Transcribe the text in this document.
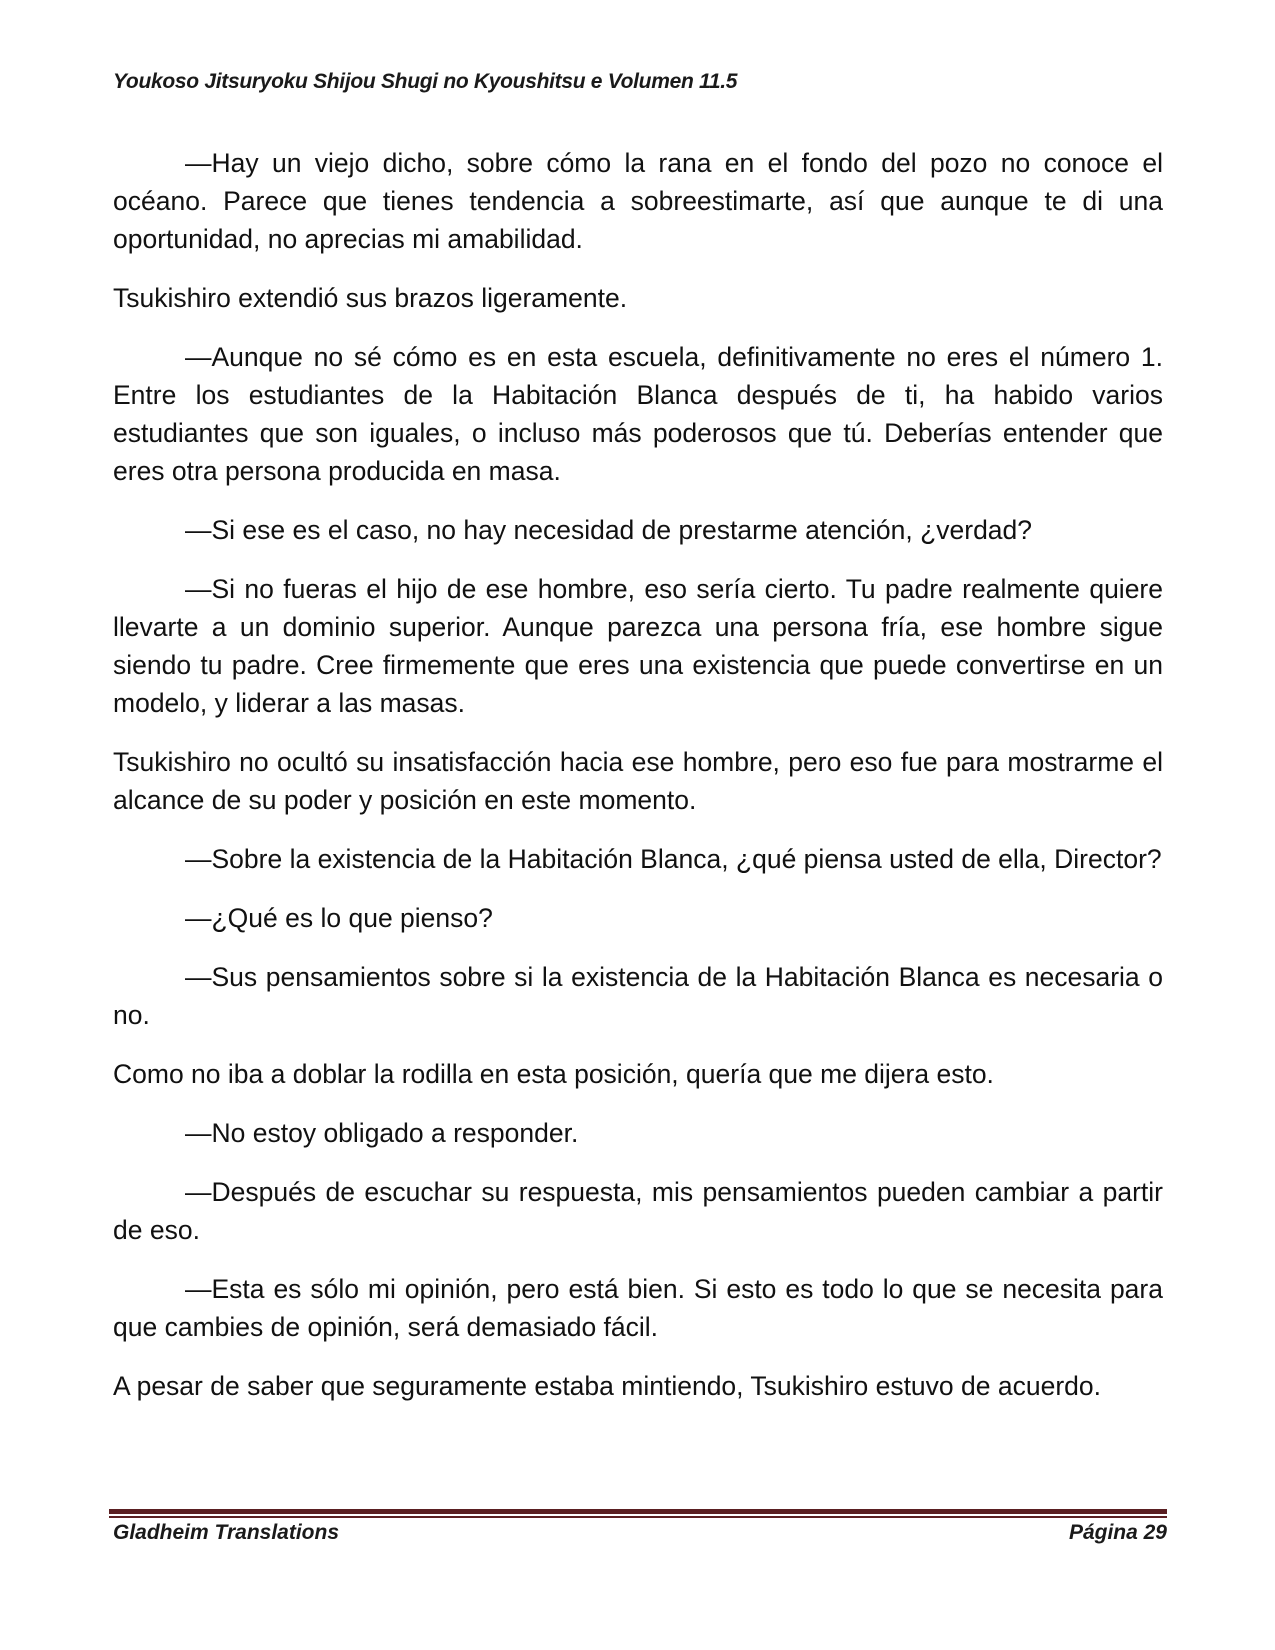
Youkoso Jitsuryoku Shijou Shugi no Kyoushitsu e Volumen 11.5

—Hay un viejo dicho, sobre cómo la rana en el fondo del pozo no conoce el océano. Parece que tienes tendencia a sobreestimarte, así que aunque te di una oportunidad, no aprecias mi amabilidad.

Tsukishiro extendió sus brazos ligeramente.

—Aunque no sé cómo es en esta escuela, definitivamente no eres el número 1. Entre los estudiantes de la Habitación Blanca después de ti, ha habido varios estudiantes que son iguales, o incluso más poderosos que tú. Deberías entender que eres otra persona producida en masa.

—Si ese es el caso, no hay necesidad de prestarme atención, ¿verdad?

—Si no fueras el hijo de ese hombre, eso sería cierto. Tu padre realmente quiere llevarte a un dominio superior. Aunque parezca una persona fría, ese hombre sigue siendo tu padre. Cree firmemente que eres una existencia que puede convertirse en un modelo, y liderar a las masas.

Tsukishiro no ocultó su insatisfacción hacia ese hombre, pero eso fue para mostrarme el alcance de su poder y posición en este momento.

—Sobre la existencia de la Habitación Blanca, ¿qué piensa usted de ella, Director?

—¿Qué es lo que pienso?

—Sus pensamientos sobre si la existencia de la Habitación Blanca es necesaria o no.

Como no iba a doblar la rodilla en esta posición, quería que me dijera esto.

—No estoy obligado a responder.

—Después de escuchar su respuesta, mis pensamientos pueden cambiar a partir de eso.

—Esta es sólo mi opinión, pero está bien. Si esto es todo lo que se necesita para que cambies de opinión, será demasiado fácil.

A pesar de saber que seguramente estaba mintiendo, Tsukishiro estuvo de acuerdo.

Gladheim Translations	Página 29
